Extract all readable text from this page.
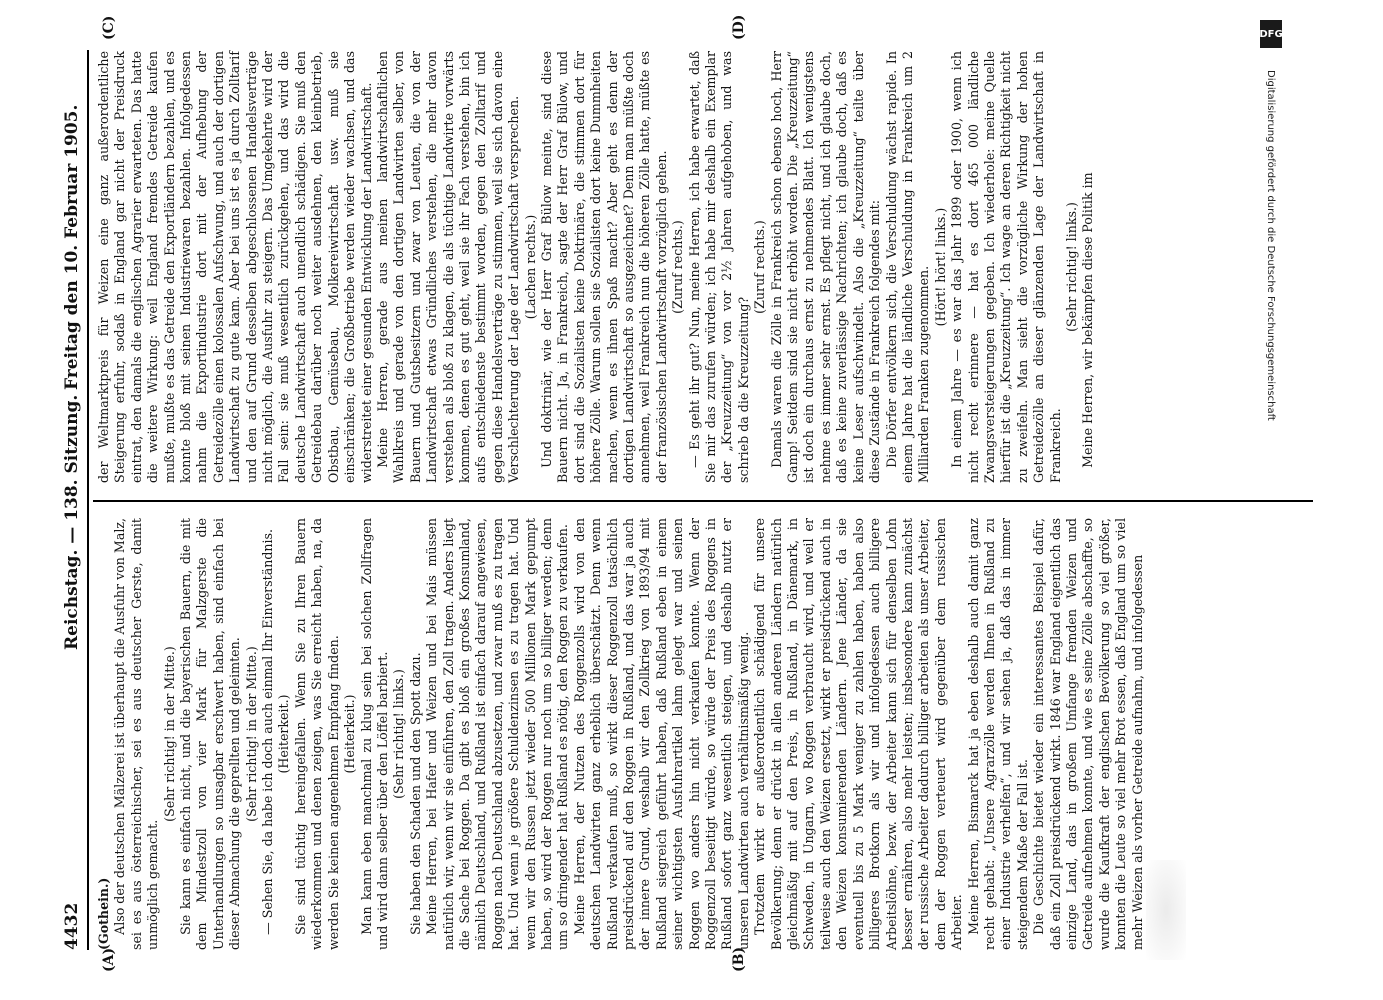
4432
Reichstag. — 138. Sitzung.
Freitag den 10. Februar 1905.
(A)	(B)
(C)	(D)

(Gothein.) Also der deutschen Mälzerei ist überhaupt die Ausfuhr von Malz, sei es aus österreichischer, sei es aus deutscher Gerste, damit unmöglich gemacht.

(Sehr richtig! in der Mitte.) Sie kann es einfach nicht, und die bayerischen Bauern, die mit dem Mindestzoll von vier Mark für Malzgerste die Unterhandlungen so unsagbar erschwert haben, sind einfach bei dieser Abmachung die geprellten und geleimten. (Sehr richtig! in der Mitte.) — Sehen Sie, da habe ich doch auch einmal Ihr Einverständnis. (Heiterkeit.) Sie sind tüchtig hereingefallen. Wenn Sie zu Ihren Bauern wiederkommen und denen zeigen, was Sie erreicht haben, na, da werden Sie keinen angenehmen Empfang finden. (Heiterkeit.) Man kann eben manchmal zu klug sein bei solchen Zollfragen und wird dann selber über den Löffel barbiert. (Sehr richtig! links.) Sie haben den Schaden und den Spott dazu. Meine Herren, bei Hafer und Weizen und bei Mais müssen natürlich wir, wenn wir sie einführen, den Zoll tragen. Anders liegt die Sache bei Roggen. Da gibt es bloß ein großes Konsumland, nämlich Deutschland, und Rußland ist einfach darauf angewiesen, Roggen nach Deutschland abzusetzen, und zwar muß es zu tragen hat. Und wenn je größere Schuldenzinsen es zu tragen hat. Und wenn wir den Russen jetzt wieder 500 Millionen Mark gepumpt haben, so wird der Roggen nur noch um so billiger werden; denn um so dringender hat Rußland es nötig, den Roggen zu verkaufen. Meine Herren, der Nutzen des Roggenzolls wird von den deutschen Landwirten ganz erheblich überschätzt. Denn wenn Rußland verkaufen muß, so wirkt dieser Roggenzoll tatsächlich preisdrückend auf den Roggen in Rußland, und das war ja auch der innere Grund, weshalb wir den Zollkrieg von 1893/94 mit Rußland siegreich geführt haben, daß Rußland eben in einem seiner wichtigsten Ausfuhrartikel lahm gelegt war und seinen Roggen wo anders hin nicht verkaufen konnte. Wenn der Roggenzoll beseitigt würde, so würde der Preis des Roggens in Rußland sofort ganz wesentlich steigen, und deshalb nutzt er unseren Landwirten auch verhältnismäßig wenig. Trotzdem wirkt er außerordentlich schädigend für unsere Bevölkerung; denn er drückt in allen anderen Ländern natürlich gleichmäßig mit auf den Preis, in Rußland, in Dänemark, in Schweden, in Ungarn, wo Roggen verbraucht wird, und weil er teilweise auch den Weizen ersetzt, wirkt er preisdrückend auch in den Weizen konsumierenden Ländern. Jene Länder, da sie eventuell bis zu 5 Mark weniger zu zahlen haben, haben also billigeres Brotkorn als wir und infolgedessen auch billigere Arbeitslöhne, bezw. der Arbeiter kann sich für denselben Lohn besser ernähren, also mehr leisten; insbesondere kann zunächst der russische Arbeiter dadurch billiger arbeiten als unser Arbeiter, dem der Roggen verteuert wird gegenüber dem russischen Arbeiter. Meine Herren, Bismarck hat ja eben deshalb auch damit ganz recht gehabt: „Unsere Agrarzölle werden Ihnen in Rußland zu einer Industrie verhelfen“, und wir sehen ja, daß das in immer steigendem Maße der Fall ist. Die Geschichte bietet wieder ein interessantes Beispiel dafür, daß ein Zoll preisdrückend wirkt. 1846 war England eigentlich das einzige Land, das in großem Umfange fremden Weizen und Getreide aufnehmen konnte, und wie es seine Zölle abschaffte, so wurde die Kaufkraft der englischen Bevölkerung so viel größer, konnten die Leute so viel mehr Brot essen, daß England um so viel mehr Weizen als vorher Getreide aufnahm, und infolgedessen

der Weltmarktpreis für Weizen eine ganz außerordentliche Steigerung erfuhr, sodaß in England gar nicht der Preisdruck eintrat, den damals die englischen Agrarier erwarteten. Das hatte die weitere Wirkung: weil England fremdes Getreide kaufen mußte, mußte es das Getreide den Exportländern bezahlen, und es konnte bloß mit seinen Industriewaren bezahlen. Infolgedessen nahm die Exportindustrie dort mit der Aufhebung der Getreidezölle einen kolossalen Aufschwung, und auch der dortigen Landwirtschaft zu gute kam. Aber bei uns ist es ja durch Zolltarif und den auf Grund desselben abgeschlossenen Handelsverträge nicht möglich, die Ausfuhr zu steigern. Das Umgekehrte wird der Fall sein: sie muß wesentlich zurückgehen, und das wird die deutsche Landwirtschaft auch unendlich schädigen. Sie muß den Getreidebau darüber noch weiter ausdehnen, den kleinbetrieb, Obstbau, Gemüsebau, Molkereiwirtschaft usw. muß sie einschränken; die Großbetriebe werden wieder wachsen, und das widerstreitet einer gesunden Entwicklung der Landwirtschaft. Meine Herren, gerade aus meinen landwirtschaftlichen Wahlkreis und gerade von den dortigen Landwirten selber, von Bauern und Gutsbesitzern und zwar von Leuten, die von der Landwirtschaft etwas Gründliches verstehen, die mehr davon verstehen als bloß zu klagen, die als tüchtige Landwirte vorwärts kommen, denen es gut geht, weil sie ihr Fach verstehen, bin ich aufs entschiedenste bestimmt worden, gegen den Zolltarif und gegen diese Handelsverträge zu stimmen, weil sie sich davon eine Verschlechterung der Lage der Landwirtschaft versprechen. (Lachen rechts.) Und doktrinär, wie der Herr Graf Bülow meinte, sind diese Bauern nicht. Ja, in Frankreich, sagte der Herr Graf Bülow, und dort sind die Sozialisten keine Doktrinäre, die stimmen dort für höhere Zölle. Warum sollen sie Sozialisten dort keine Dummheiten machen, wenn es ihnen Spaß macht? Aber geht es denn der dortigen Landwirtschaft so ausgezeichnet? Denn man müßte doch annehmen, weil Frankreich nun die höheren Zölle hatte, müßte es der französischen Landwirtschaft vorzüglich gehen. (Zuruf rechts.) — Es geht ihr gut? Nun, meine Herren, ich habe erwartet, daß Sie mir das zurufen würden; ich habe mir deshalb ein Exemplar der „Kreuzzeitung“ von vor 2½ Jahren aufgehoben, und was schrieb da die Kreuzzeitung?

(Zuruf rechts.) Damals waren die Zölle in Frankreich schon ebenso hoch, Herr Gamp! Seitdem sind sie nicht erhöht worden. Die „Kreuzzeitung“ ist doch ein durchaus ernst zu nehmendes Blatt. Ich wenigstens nehme es immer sehr ernst. Es pflegt nicht, und ich glaube doch, daß es keine zuverlässige Nachrichten; ich glaube doch, daß es keine Leser aufschwindelt. Also die „Kreuzzeitung“ teilte über diese Zustände in Frankreich folgendes mit: Die Dörfer entvölkern sich, die Verschuldung wächst rapide. In einem Jahre hat die ländliche Verschuldung in Frankreich um 2 Milliarden Franken zugenommen. (Hört! hört! links.) In einem Jahre — es war das Jahr 1899 oder 1900, wenn ich nicht recht erinnere — hat es dort 465 000 ländliche Zwangsversteigerungen gegeben. Ich wiederhole: meine Quelle hierfür ist die „Kreuzzeitung“. Ich wage an deren Richtigkeit nicht zu zweifeln. Man sieht die vorzügliche Wirkung der hohen Getreidezölle an dieser glänzenden Lage der Landwirtschaft in Frankreich.

(Sehr richtig! links.) Meine Herren, wir bekämpfen diese Politik im

DFG
Digitalisierung gefördert durch die Deutsche Forschungsgemeinschaft
